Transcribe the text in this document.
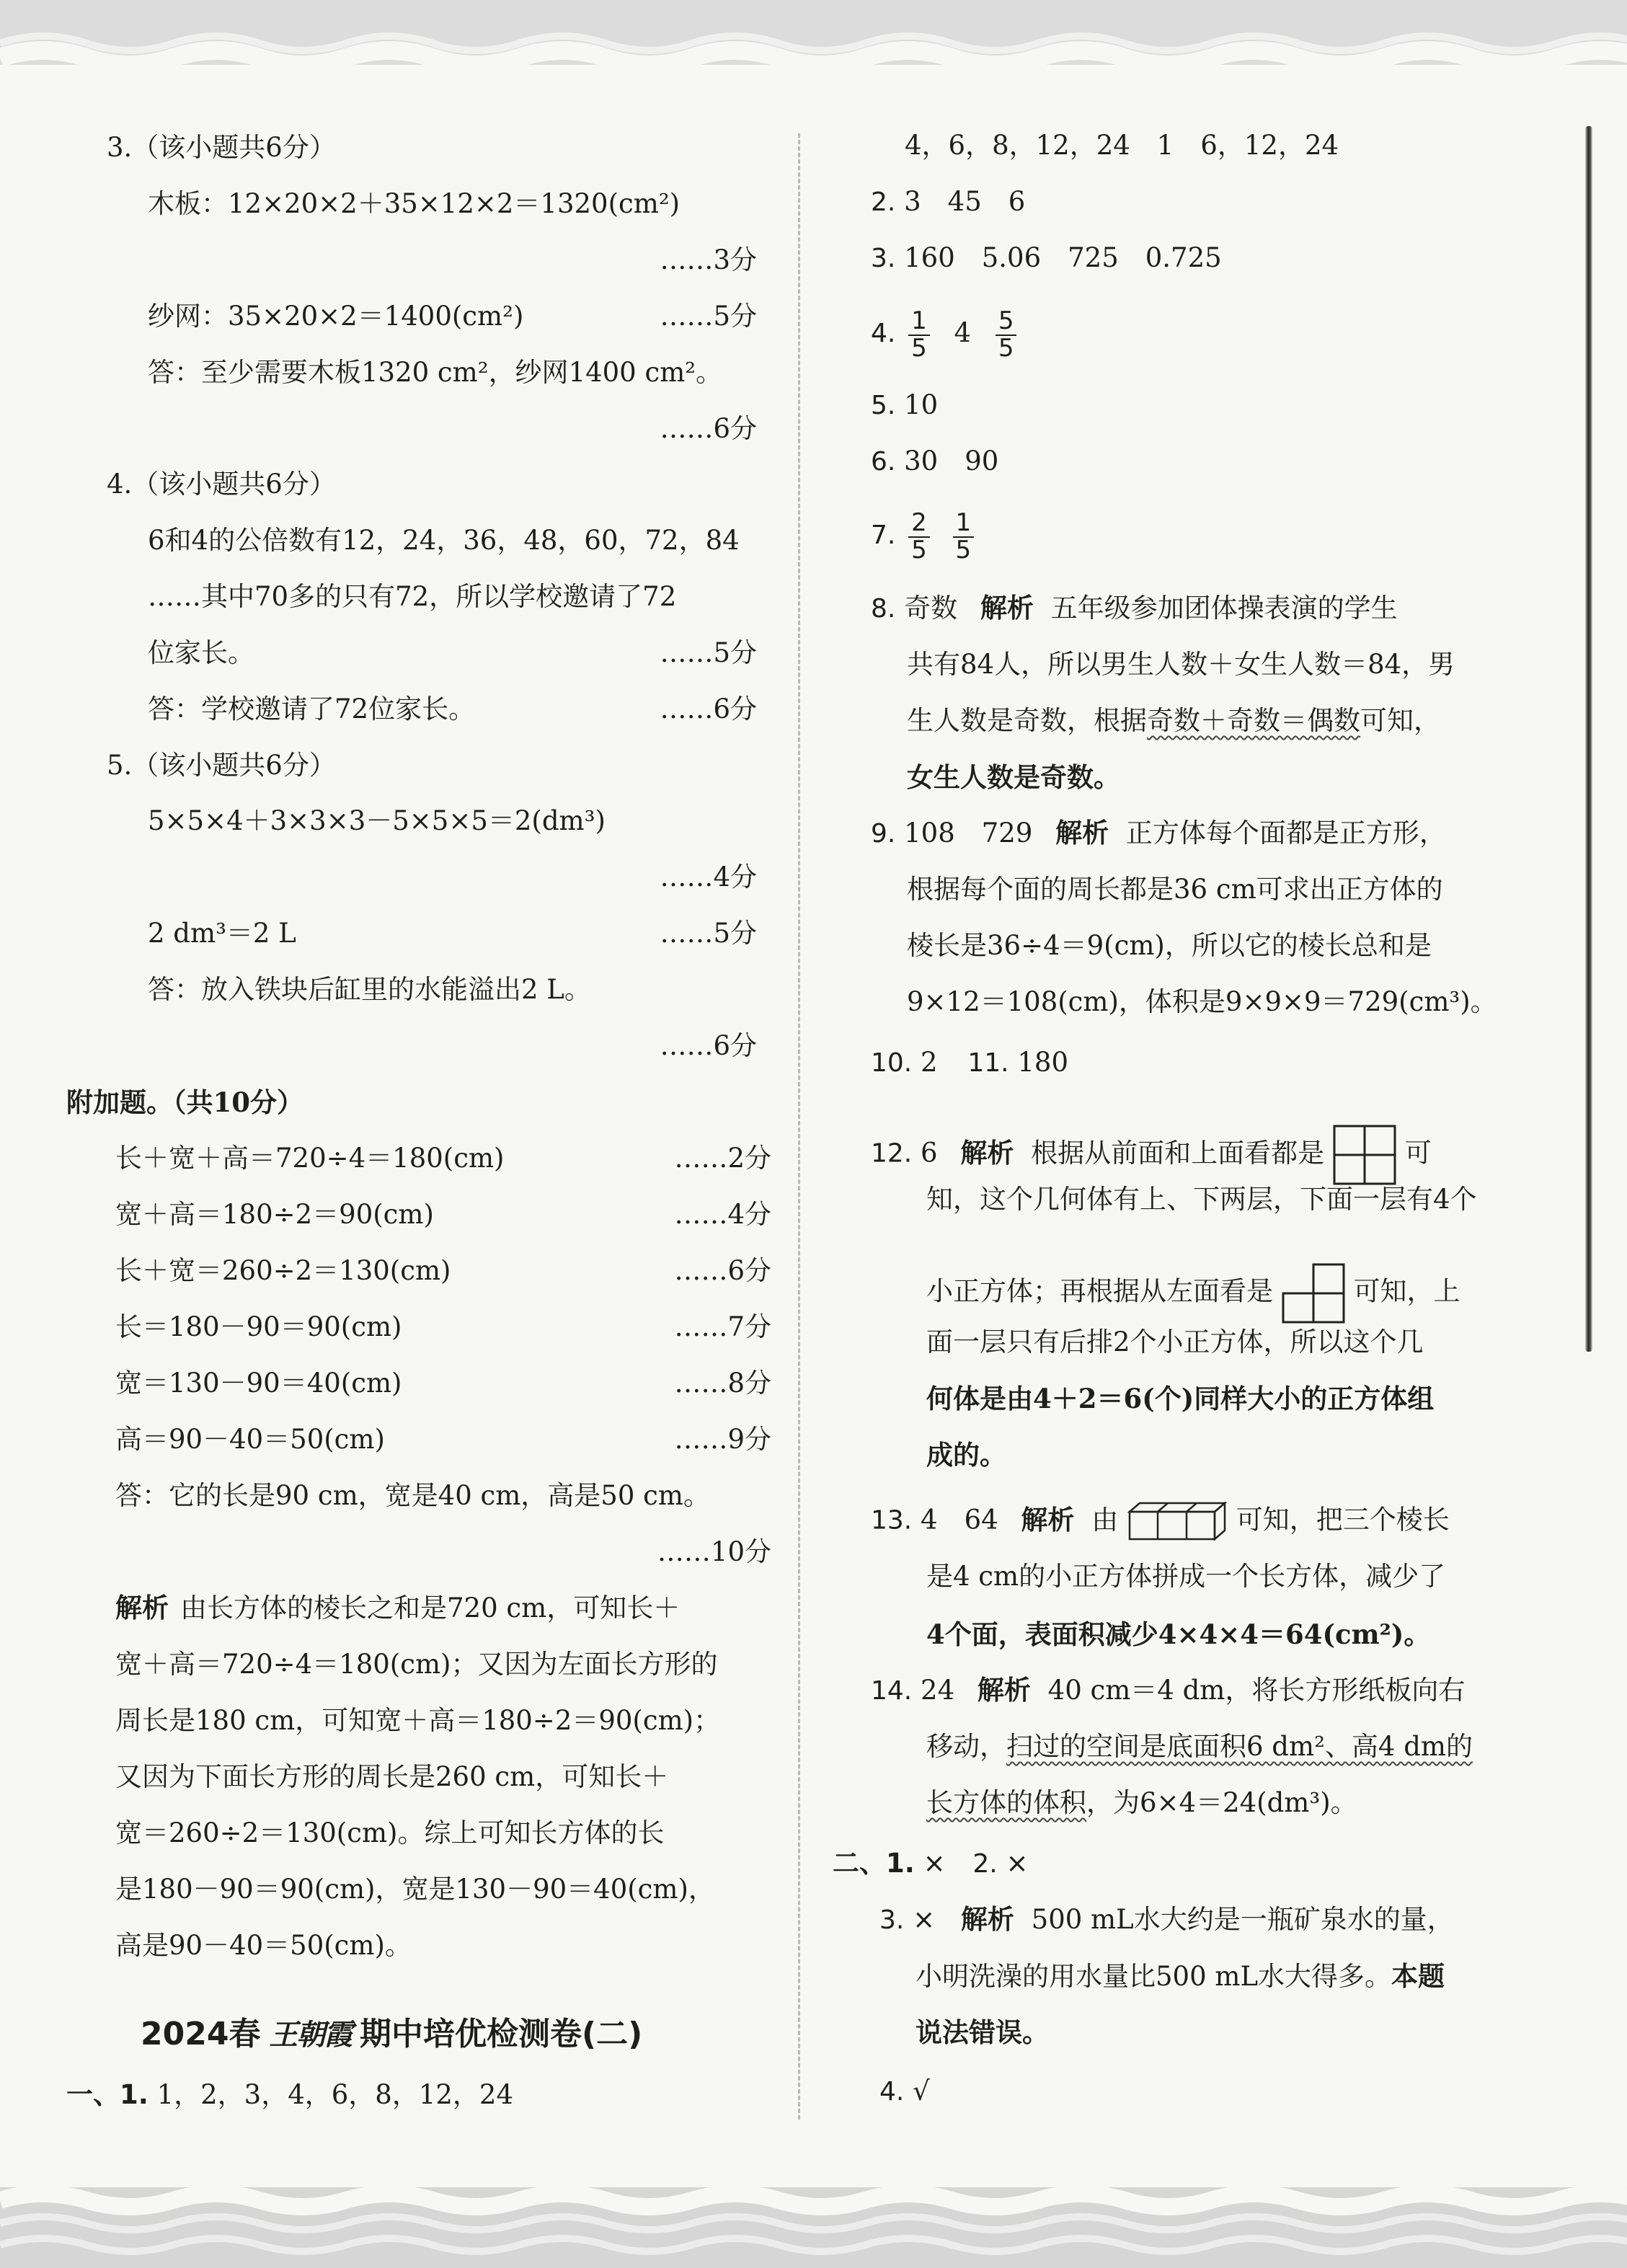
3.（该小题共6分）
木板：12×20×2＋35×12×2＝1320(cm²)
……3分
纱网：35×20×2＝1400(cm²)	……5分
答：至少需要木板1320 cm²，纱网1400 cm²。
……6分
4.（该小题共6分）
6和4的公倍数有12，24，36，48，60，72，84
……其中70多的只有72，所以学校邀请了72
位家长。	……5分
答：学校邀请了72位家长。	……6分
5.（该小题共6分）
5×5×4＋3×3×3－5×5×5＝2(dm³)
……4分
2 dm³＝2 L	……5分
答：放入铁块后缸里的水能溢出2 L。
……6分
附加题。（共10分）
长＋宽＋高＝720÷4＝180(cm)	……2分
宽＋高＝180÷2＝90(cm)	……4分
长＋宽＝260÷2＝130(cm)	……6分
长＝180－90＝90(cm)	……7分
宽＝130－90＝40(cm)	……8分
高＝90－40＝50(cm)	……9分
答：它的长是90 cm，宽是40 cm，高是50 cm。
……10分
解析 由长方体的棱长之和是720 cm，可知长＋
宽＋高＝720÷4＝180(cm)；又因为左面长方形的
周长是180 cm，可知宽＋高＝180÷2＝90(cm)；
又因为下面长方形的周长是260 cm，可知长＋
宽＝260÷2＝130(cm)。综上可知长方体的长
是180－90＝90(cm)，宽是130－90＝40(cm)，
高是90－40＝50(cm)。
2024春 王朝霞 期中培优检测卷(二)
一、1. 1，2，3，4，6，8，12，24
4，6，8，12，24　1　6，12，24
2. 3　45　6
3. 160　5.06　725　0.725
4. $\frac{1}{5} 4 \frac{5}{5}$
5. 10
6. 30　90
7. $\frac{2}{5}$
$\frac{1}{5}$
8. 奇数 解析 五年级参加团体操表演的学生
共有84人，所以男生人数＋女生人数＝84，男
生人数是奇数，根据奇数＋奇数＝偶数可知，
女生人数是奇数。
9. 108　729 解析 正方体每个面都是正方形，
根据每个面的周长都是36 cm可求出正方体的
棱长是36÷4＝9(cm)，所以它的棱长总和是
9×12＝108(cm)，体积是9×9×9＝729(cm³)。
10. 2 11. 180
12. 6 解析 根据从前面和上面看都是	可
知，这个几何体有上、下两层，下面一层有4个
小正方体；再根据从左面看是	可知，上
面一层只有后排2个小正方体，所以这个几
何体是由4＋2＝6(个)同样大小的正方体组
成的。
13. 4　64 解析 由	可知，把三个棱长
是4 cm的小正方体拼成一个长方体，减少了
4个面，表面积减少4×4×4＝64(cm²)。
14. 24 解析 40 cm＝4 dm，将长方形纸板向右
移动，扫过的空间是底面积6 dm²、高4 dm的
长方体的体积，为6×4＝24(dm³)。
二、1. × 2. ×
3. × 解析 500 mL水大约是一瓶矿泉水的量，
小明洗澡的用水量比500 mL水大得多。本题
说法错误。
4. √
